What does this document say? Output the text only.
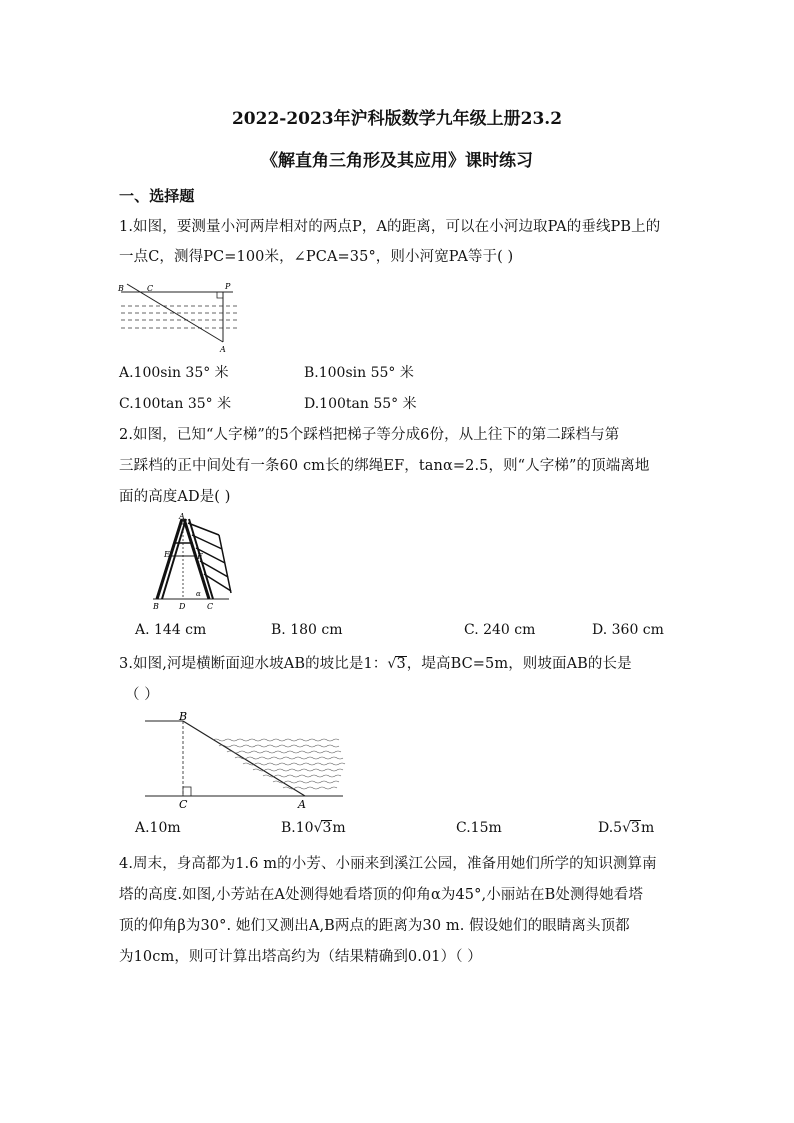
2022-2023年沪科版数学九年级上册23.2
《解直角三角形及其应用》课时练习
一、选择题
1.如图，要测量小河两岸相对的两点P，A的距离，可以在小河边取PA的垂线PB上的
一点C，测得PC=100米，∠PCA=35°，则小河宽PA等于( )
B	C	P
A
A.100sin 35° 米	B.100sin 55° 米
C.100tan 35° 米	D.100tan 55° 米
2.如图，已知“人字梯”的5个踩档把梯子等分成6份，从上往下的第二踩档与第
三踩档的正中间处有一条60 cm长的绑绳EF，tanα=2.5，则“人字梯”的顶端离地
面的高度AD是( )
A
E	F
B	D	C
α
A. 144 cm	B. 180 cm	C. 240 cm	D. 360 cm
3.如图,河堤横断面迎水坡AB的坡比是1：√3，堤高BC=5m，则坡面AB的长是
（ ）
B
C	A
A.10m	B.10√3m	C.15m	D.5√3m
4.周末，身高都为1.6 m的小芳、小丽来到溪江公园，准备用她们所学的知识测算南
塔的高度.如图,小芳站在A处测得她看塔顶的仰角α为45°,小丽站在B处测得她看塔
顶的仰角β为30°. 她们又测出A,B两点的距离为30 m. 假设她们的眼睛离头顶都
为10cm，则可计算出塔高约为（结果精确到0.01）（ ）
